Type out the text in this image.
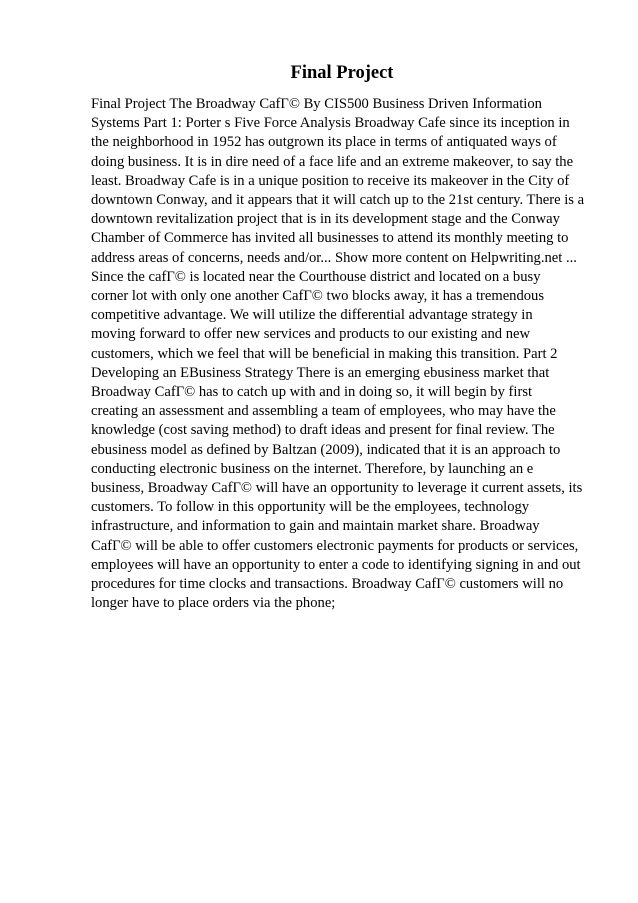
Final Project
Final Project The Broadway CafГ© By CIS500 Business Driven Information
Systems Part 1: Porter s Five Force Analysis Broadway Cafe since its inception in
the neighborhood in 1952 has outgrown its place in terms of antiquated ways of
doing business. It is in dire need of a face life and an extreme makeover, to say the
least. Broadway Cafe is in a unique position to receive its makeover in the City of
downtown Conway, and it appears that it will catch up to the 21st century. There is a
downtown revitalization project that is in its development stage and the Conway
Chamber of Commerce has invited all businesses to attend its monthly meeting to
address areas of concerns, needs and/or... Show more content on Helpwriting.net ...
Since the cafГ© is located near the Courthouse district and located on a busy
corner lot with only one another CafГ© two blocks away, it has a tremendous
competitive advantage. We will utilize the differential advantage strategy in
moving forward to offer new services and products to our existing and new
customers, which we feel that will be beneficial in making this transition. Part 2
Developing an EBusiness Strategy There is an emerging ebusiness market that
Broadway CafГ© has to catch up with and in doing so, it will begin by first
creating an assessment and assembling a team of employees, who may have the
knowledge (cost saving method) to draft ideas and present for final review. The
ebusiness model as defined by Baltzan (2009), indicated that it is an approach to
conducting electronic business on the internet. Therefore, by launching an e
business, Broadway CafГ© will have an opportunity to leverage it current assets, its
customers. To follow in this opportunity will be the employees, technology
infrastructure, and information to gain and maintain market share. Broadway
CafГ© will be able to offer customers electronic payments for products or services,
employees will have an opportunity to enter a code to identifying signing in and out
procedures for time clocks and transactions. Broadway CafГ© customers will no
longer have to place orders via the phone;
